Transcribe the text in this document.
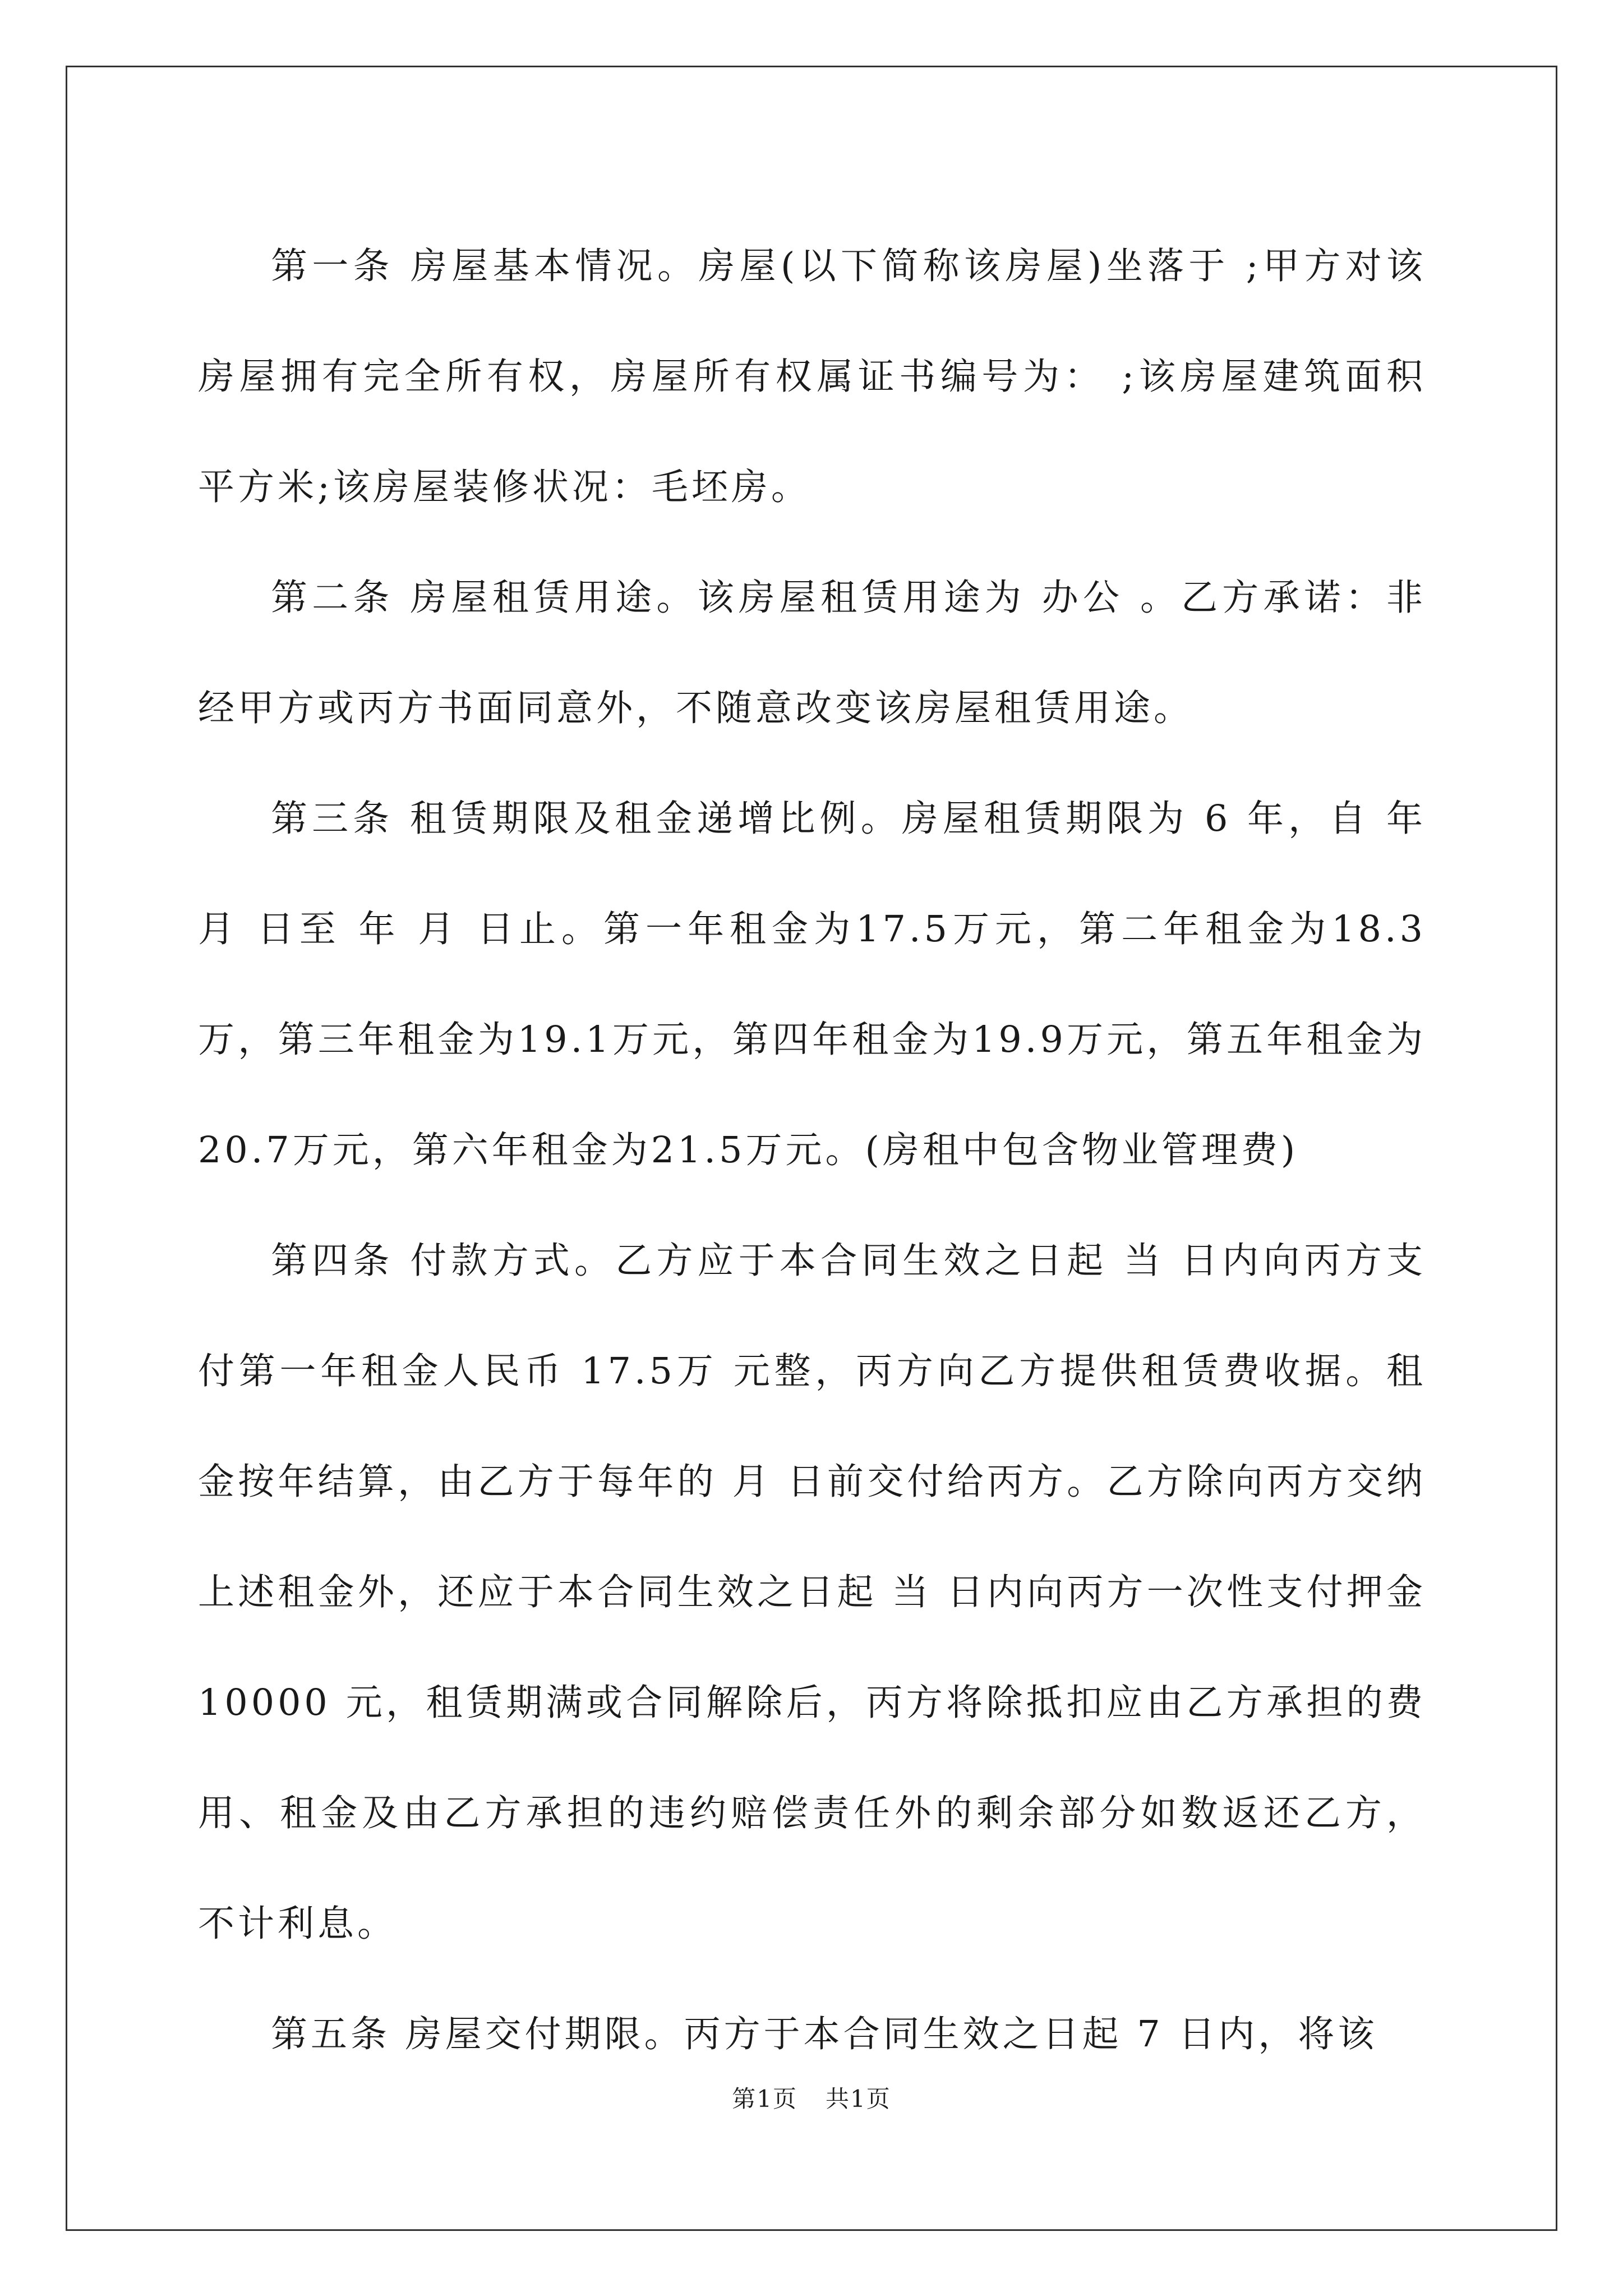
第一条 房屋基本情况。房屋(以下简称该房屋)坐落于 ;甲方对该房屋拥有完全所有权，房屋所有权属证书编号为： ;该房屋建筑面积 平方米;该房屋装修状况：毛坯房。

第二条 房屋租赁用途。该房屋租赁用途为 办公 。乙方承诺：非经甲方或丙方书面同意外，不随意改变该房屋租赁用途。

第三条 租赁期限及租金递增比例。房屋租赁期限为 6 年，自 年 月 日至 年 月 日止。第一年租金为17.5万元，第二年租金为18.3万，第三年租金为19.1万元，第四年租金为19.9万元，第五年租金为20.7万元，第六年租金为21.5万元。(房租中包含物业管理费)

第四条 付款方式。乙方应于本合同生效之日起 当 日内向丙方支付第一年租金人民币 17.5万 元整，丙方向乙方提供租赁费收据。租金按年结算，由乙方于每年的 月 日前交付给丙方。乙方除向丙方交纳上述租金外，还应于本合同生效之日起 当 日内向丙方一次性支付押金 10000 元，租赁期满或合同解除后，丙方将除抵扣应由乙方承担的费用、租金及由乙方承担的违约赔偿责任外的剩余部分如数返还乙方，不计利息。

第五条 房屋交付期限。丙方于本合同生效之日起 7 日内，将该

第1页 共1页
